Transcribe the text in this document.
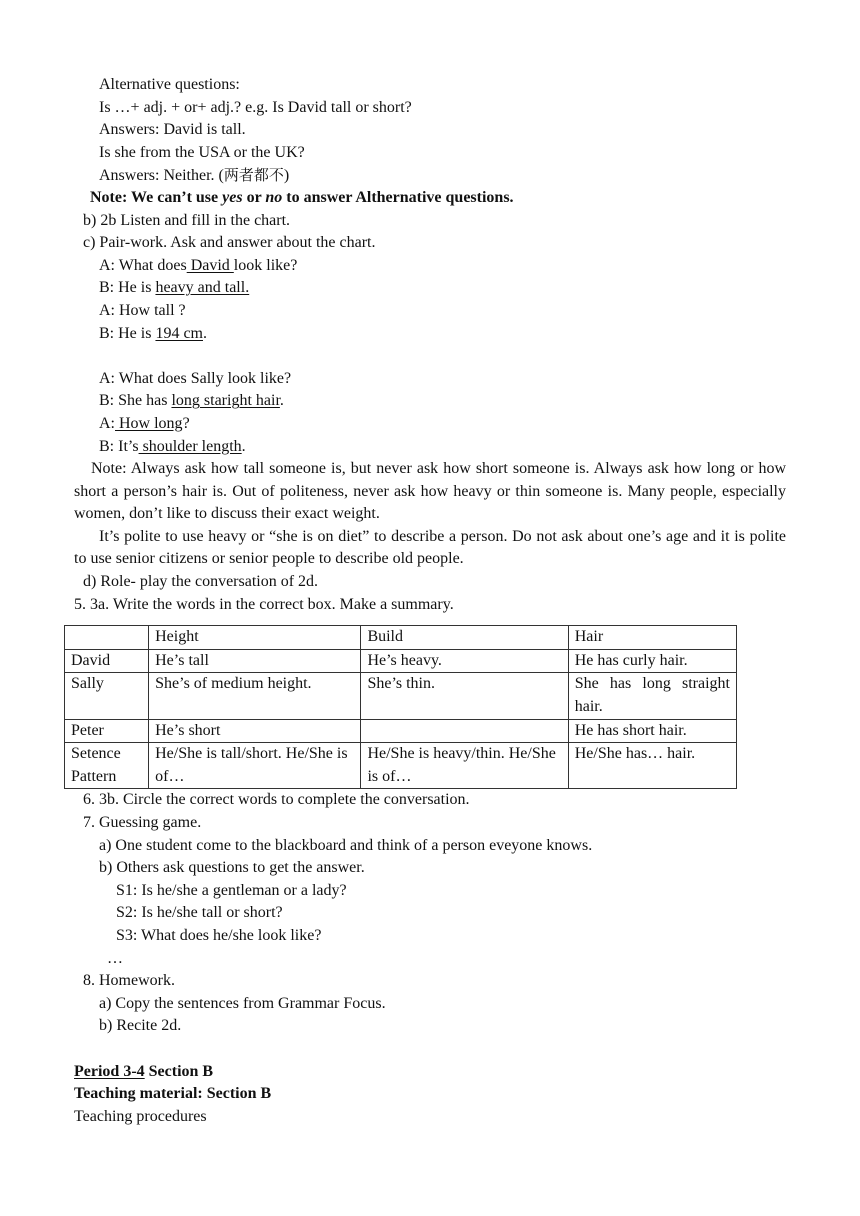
Alternative questions:
Is …+ adj. + or+ adj.? e.g. Is David tall or short?
Answers: David is tall.
Is she from the USA or the UK?
Answers: Neither. (两者都不)
Note: We can’t use yes or no to answer Althernative questions.
b) 2b Listen and fill in the chart.
c) Pair-work. Ask and answer about the chart.
A: What does David look like?
B: He is heavy and tall.
A: How tall ?
B: He is 194 cm.
A: What does Sally look like?
B: She has long staright hair.
A: How long?
B: It’s shoulder length.
Note: Always ask how tall someone is, but never ask how short someone is. Always ask how long or how short a person’s hair is. Out of politeness, never ask how heavy or thin someone is. Many people, especially women, don’t like to discuss their exact weight.
It’s polite to use heavy or “she is on diet” to describe a person. Do not ask about one’s age and it is polite to use senior citizens or senior people to describe old people.
d) Role- play the conversation of 2d.
5. 3a. Write the words in the correct box. Make a summary.
	Height	Build	Hair
David	He’s tall	He’s heavy.	He has curly hair.
Sally	She’s of medium height.	She’s thin.	She has long straight hair.
Peter	He’s short		He has short hair.
Setence Pattern	He/She is tall/short. He/She is of…	He/She is heavy/thin. He/She is of…	He/She has… hair.
6. 3b. Circle the correct words to complete the conversation.
7. Guessing game.
a) One student come to the blackboard and think of a person eveyone knows.
b) Others ask questions to get the answer.
S1: Is he/she a gentleman or a lady?
S2: Is he/she tall or short?
S3: What does he/she look like?
…
8. Homework.
a) Copy the sentences from Grammar Focus.
b) Recite 2d.
Period 3-4 Section B
Teaching material: Section B
Teaching procedures
